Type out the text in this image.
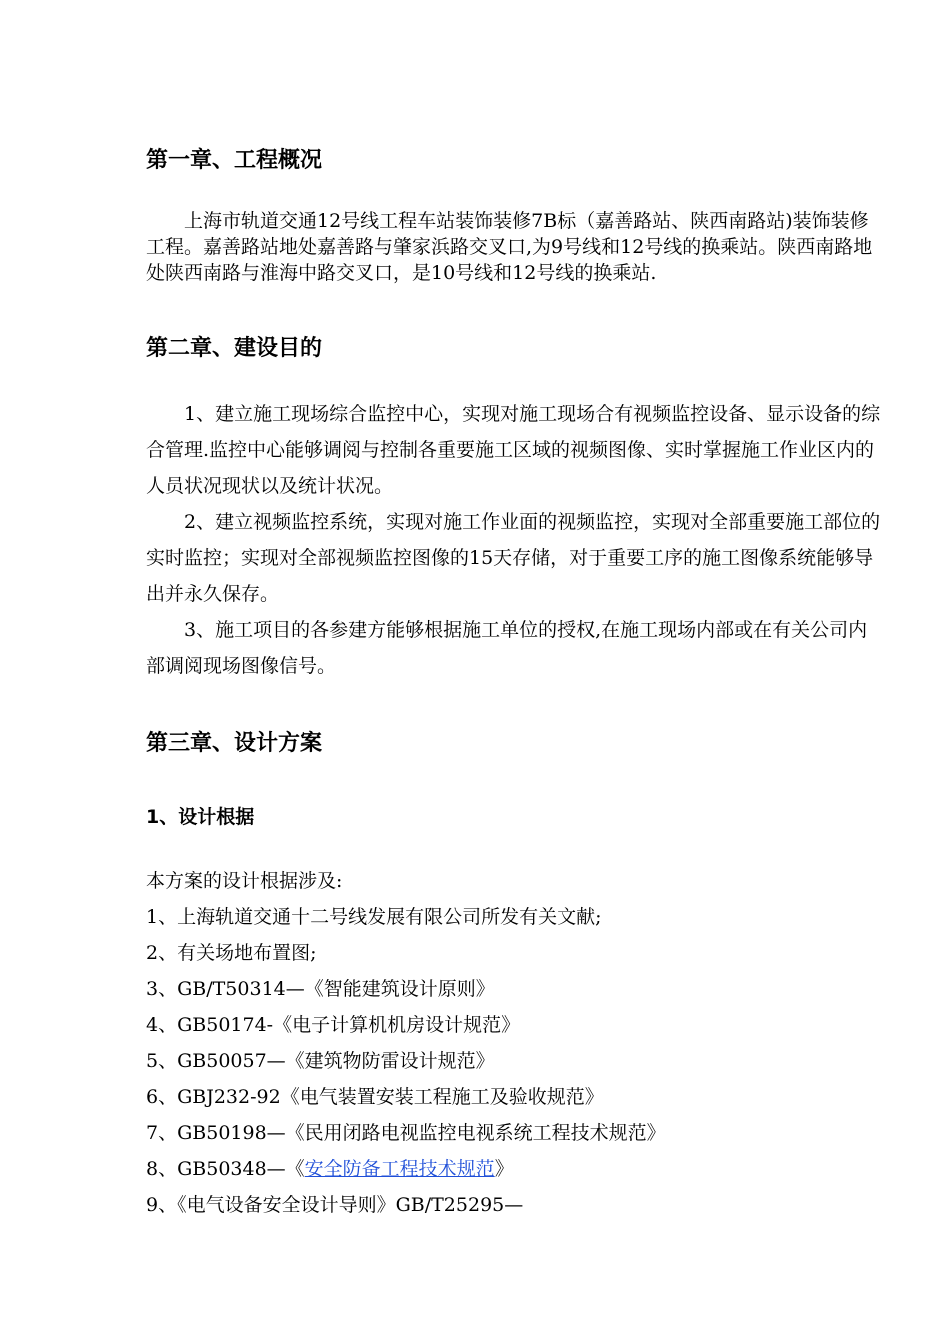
第一章、工程概况

上海市轨道交通12号线工程车站装饰装修7B标（嘉善路站、陕西南路站)装饰装修工程。嘉善路站地处嘉善路与肇家浜路交叉口,为9号线和12号线的换乘站。陕西南路地处陕西南路与淮海中路交叉口，是10号线和12号线的换乘站.

第二章、建设目的

1、建立施工现场综合监控中心，实现对施工现场合有视频监控设备、显示设备的综合管理.监控中心能够调阅与控制各重要施工区域的视频图像、实时掌握施工作业区内的人员状况现状以及统计状况。

2、建立视频监控系统，实现对施工作业面的视频监控，实现对全部重要施工部位的实时监控；实现对全部视频监控图像的15天存储，对于重要工序的施工图像系统能够导出并永久保存。

3、施工项目的各参建方能够根据施工单位的授权,在施工现场内部或在有关公司内部调阅现场图像信号。

第三章、设计方案
1、设计根据
本方案的设计根据涉及:
1、上海轨道交通十二号线发展有限公司所发有关文献;
2、有关场地布置图;
3、GB/T50314—《智能建筑设计原则》
4、GB50174-《电子计算机机房设计规范》
5、GB50057—《建筑物防雷设计规范》
6、GBJ232-92《电气装置安装工程施工及验收规范》
7、GB50198—《民用闭路电视监控电视系统工程技术规范》
8、GB50348—《安全防备工程技术规范》
9、《电气设备安全设计导则》GB/T25295—
